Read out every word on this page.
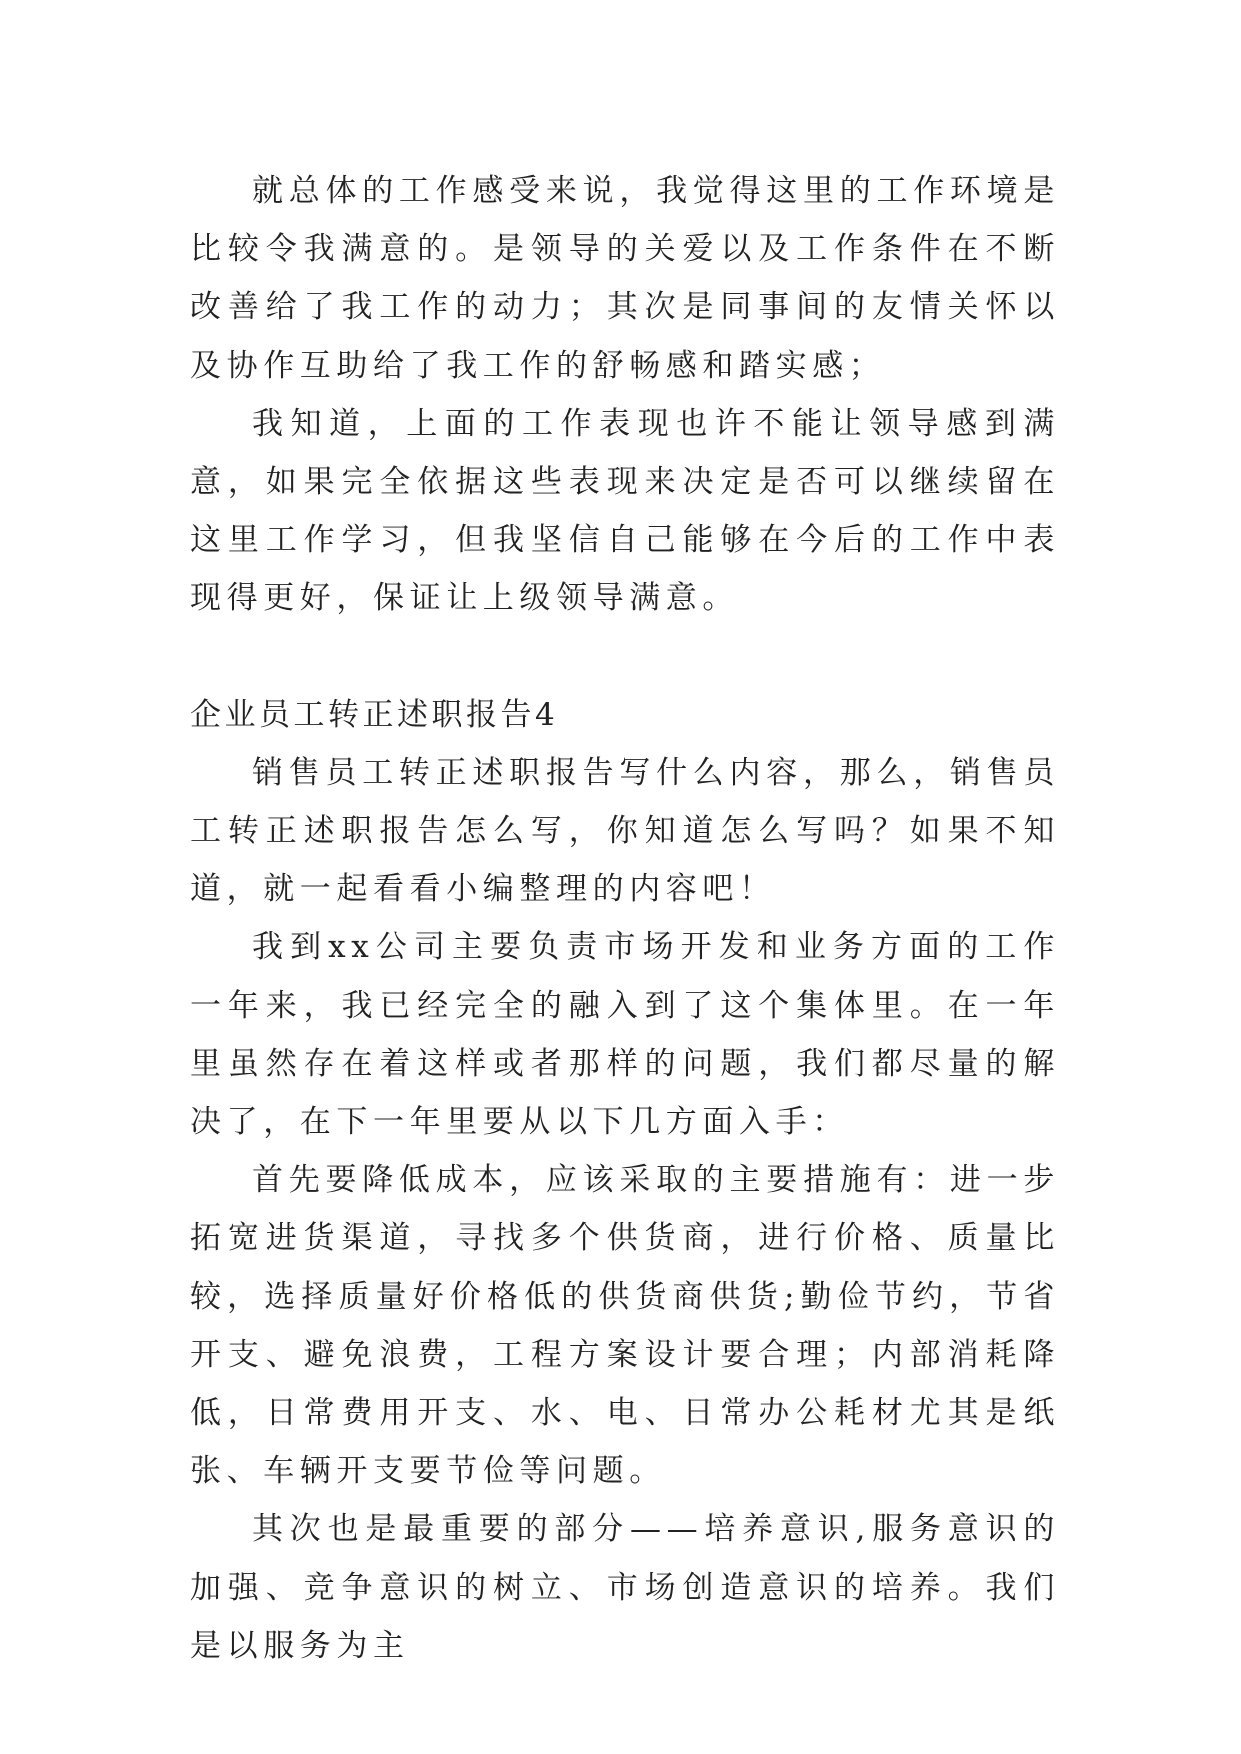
就总体的工作感受来说，我觉得这里的工作环境是比较令我满意的。是领导的关爱以及工作条件在不断改善给了我工作的动力；其次是同事间的友情关怀以及协作互助给了我工作的舒畅感和踏实感；

我知道，上面的工作表现也许不能让领导感到满意，如果完全依据这些表现来决定是否可以继续留在这里工作学习，但我坚信自己能够在今后的工作中表现得更好，保证让上级领导满意。

企业员工转正述职报告4

销售员工转正述职报告写什么内容，那么，销售员工转正述职报告怎么写，你知道怎么写吗？如果不知道，就一起看看小编整理的内容吧！

我到xx公司主要负责市场开发和业务方面的工作一年来，我已经完全的融入到了这个集体里。在一年里虽然存在着这样或者那样的问题，我们都尽量的解决了，在下一年里要从以下几方面入手：

首先要降低成本，应该采取的主要措施有：进一步拓宽进货渠道，寻找多个供货商，进行价格、质量比较，选择质量好价格低的供货商供货;勤俭节约，节省开支、避免浪费，工程方案设计要合理；内部消耗降低，日常费用开支、水、电、日常办公耗材尤其是纸张、车辆开支要节俭等问题。

其次也是最重要的部分——培养意识,服务意识的加强、竞争意识的树立、市场创造意识的培养。我们是以服务为主
